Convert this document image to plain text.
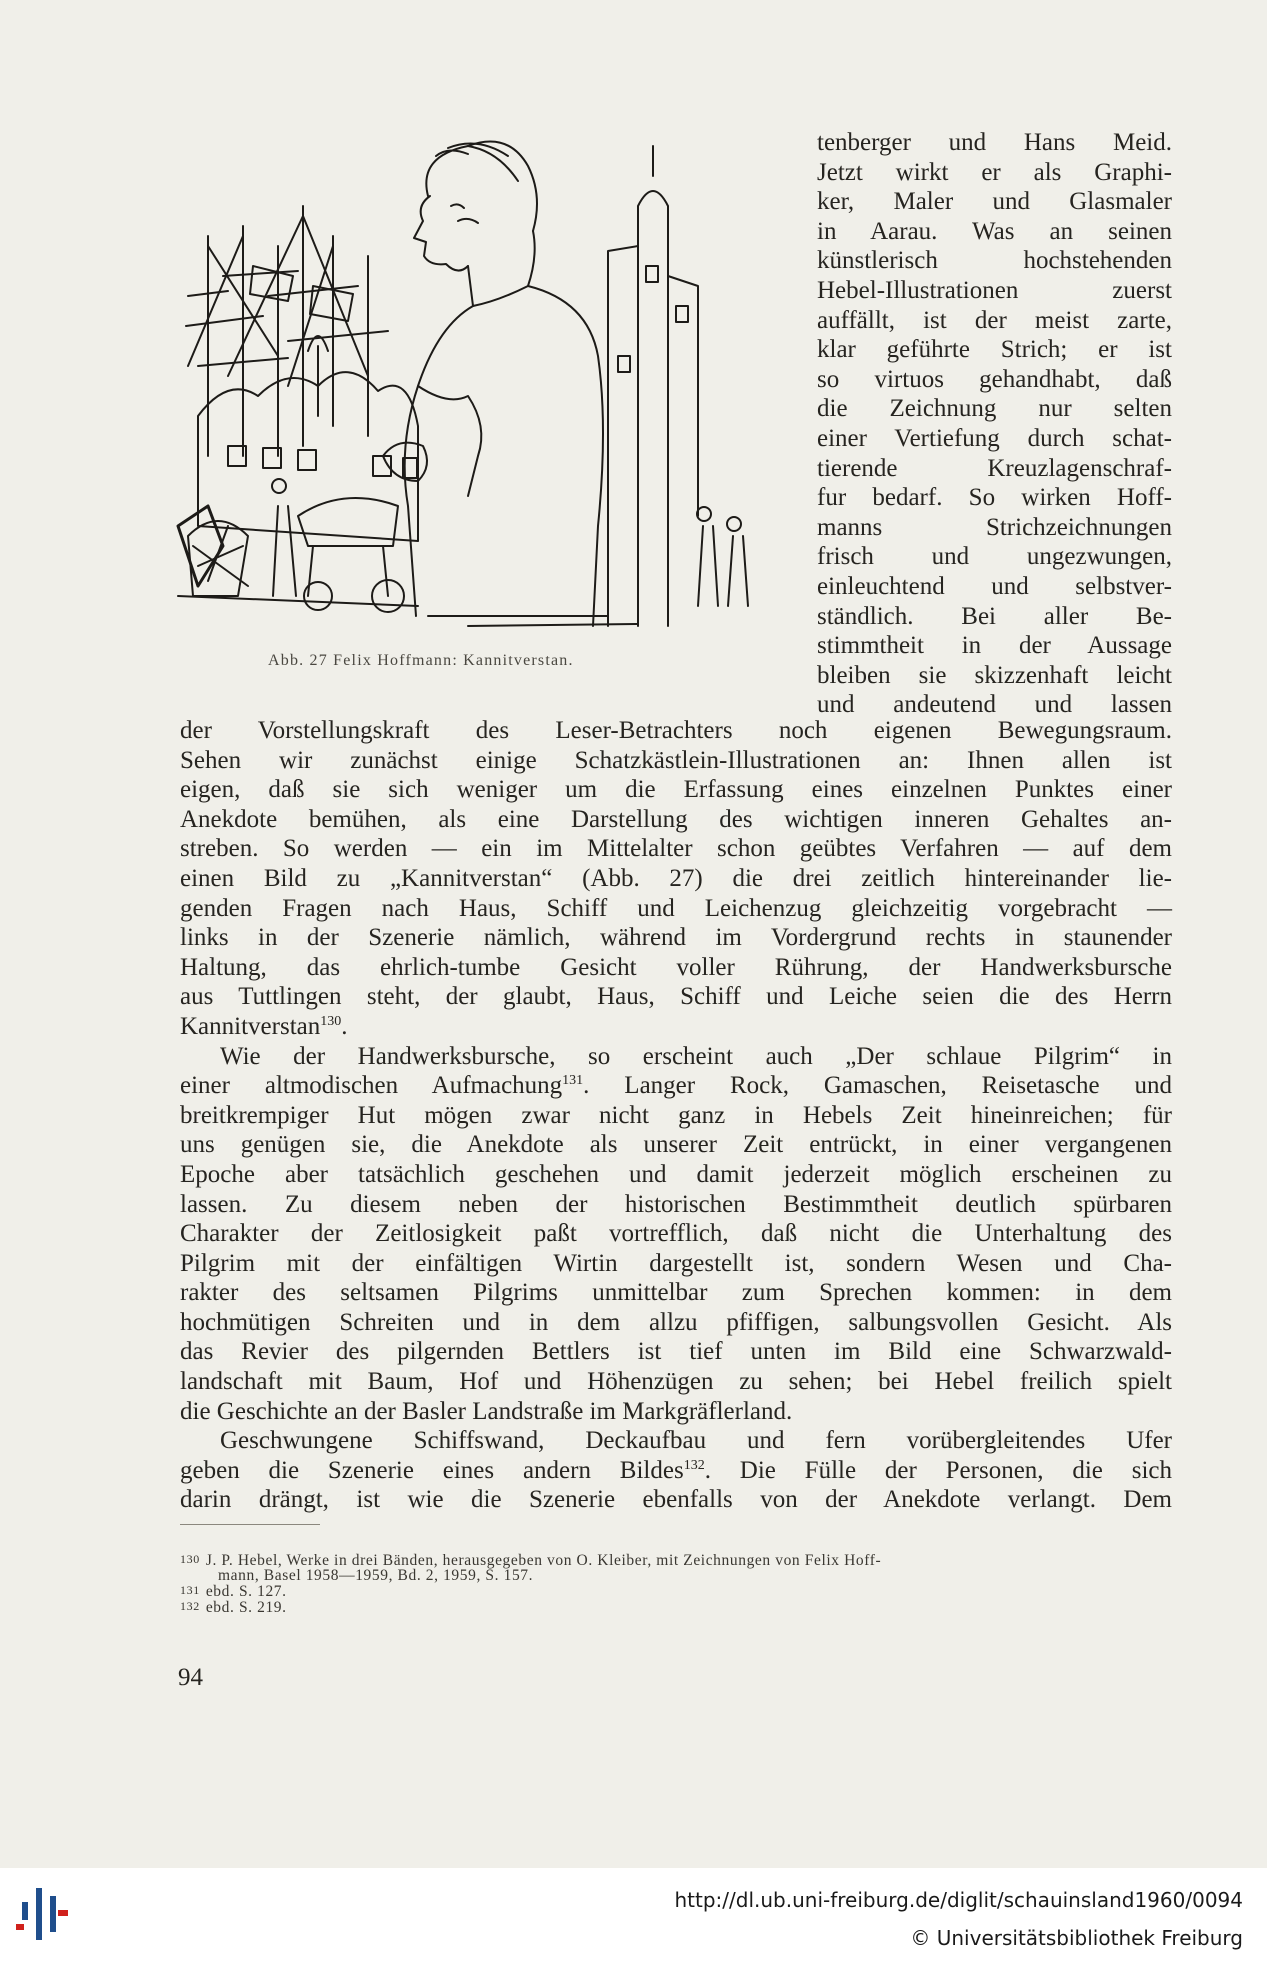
Abb. 27 Felix Hoffmann: Kannitverstan.
tenberger und Hans Meid.
Jetzt wirkt er als Graphi-
ker, Maler und Glasmaler
in Aarau. Was an seinen
künstlerisch hochstehenden
Hebel-Illustrationen zuerst
auffällt, ist der meist zarte,
klar geführte Strich; er ist
so virtuos gehandhabt, daß
die Zeichnung nur selten
einer Vertiefung durch schat-
tierende Kreuzlagenschraf-
fur bedarf. So wirken Hoff-
manns Strichzeichnungen
frisch und ungezwungen,
einleuchtend und selbstver-
ständlich. Bei aller Be-
stimmtheit in der Aussage
bleiben sie skizzenhaft leicht
und andeutend und lassen
der Vorstellungskraft des Leser-Betrachters noch eigenen Bewegungsraum.
Sehen wir zunächst einige Schatzkästlein-Illustrationen an: Ihnen allen ist
eigen, daß sie sich weniger um die Erfassung eines einzelnen Punktes einer
Anekdote bemühen, als eine Darstellung des wichtigen inneren Gehaltes an-
streben. So werden — ein im Mittelalter schon geübtes Verfahren — auf dem
einen Bild zu „Kannitverstan“ (Abb. 27) die drei zeitlich hintereinander lie-
genden Fragen nach Haus, Schiff und Leichenzug gleichzeitig vorgebracht —
links in der Szenerie nämlich, während im Vordergrund rechts in staunender
Haltung, das ehrlich-tumbe Gesicht voller Rührung, der Handwerksbursche
aus Tuttlingen steht, der glaubt, Haus, Schiff und Leiche seien die des Herrn
Kannitverstan$^{130}$.
Wie der Handwerksbursche, so erscheint auch „Der schlaue Pilgrim“ in
einer altmodischen Aufmachung$^{131}$. Langer Rock, Gamaschen, Reisetasche und
breitkrempiger Hut mögen zwar nicht ganz in Hebels Zeit hineinreichen; für
uns genügen sie, die Anekdote als unserer Zeit entrückt, in einer vergangenen
Epoche aber tatsächlich geschehen und damit jederzeit möglich erscheinen zu
lassen. Zu diesem neben der historischen Bestimmtheit deutlich spürbaren
Charakter der Zeitlosigkeit paßt vortrefflich, daß nicht die Unterhaltung des
Pilgrim mit der einfältigen Wirtin dargestellt ist, sondern Wesen und Cha-
rakter des seltsamen Pilgrims unmittelbar zum Sprechen kommen: in dem
hochmütigen Schreiten und in dem allzu pfiffigen, salbungsvollen Gesicht. Als
das Revier des pilgernden Bettlers ist tief unten im Bild eine Schwarzwald-
landschaft mit Baum, Hof und Höhenzügen zu sehen; bei Hebel freilich spielt
die Geschichte an der Basler Landstraße im Markgräflerland.
Geschwungene Schiffswand, Deckaufbau und fern vorübergleitendes Ufer
geben die Szenerie eines andern Bildes$^{132}$. Die Fülle der Personen, die sich
darin drängt, ist wie die Szenerie ebenfalls von der Anekdote verlangt. Dem
130 J. P. Hebel, Werke in drei Bänden, herausgegeben von O. Kleiber, mit Zeichnungen von Felix Hoff-
mann, Basel 1958—1959, Bd. 2, 1959, S. 157.
131 ebd. S. 127.
132 ebd. S. 219.
94
http://dl.ub.uni-freiburg.de/diglit/schauinsland1960/0094
© Universitätsbibliothek Freiburg
